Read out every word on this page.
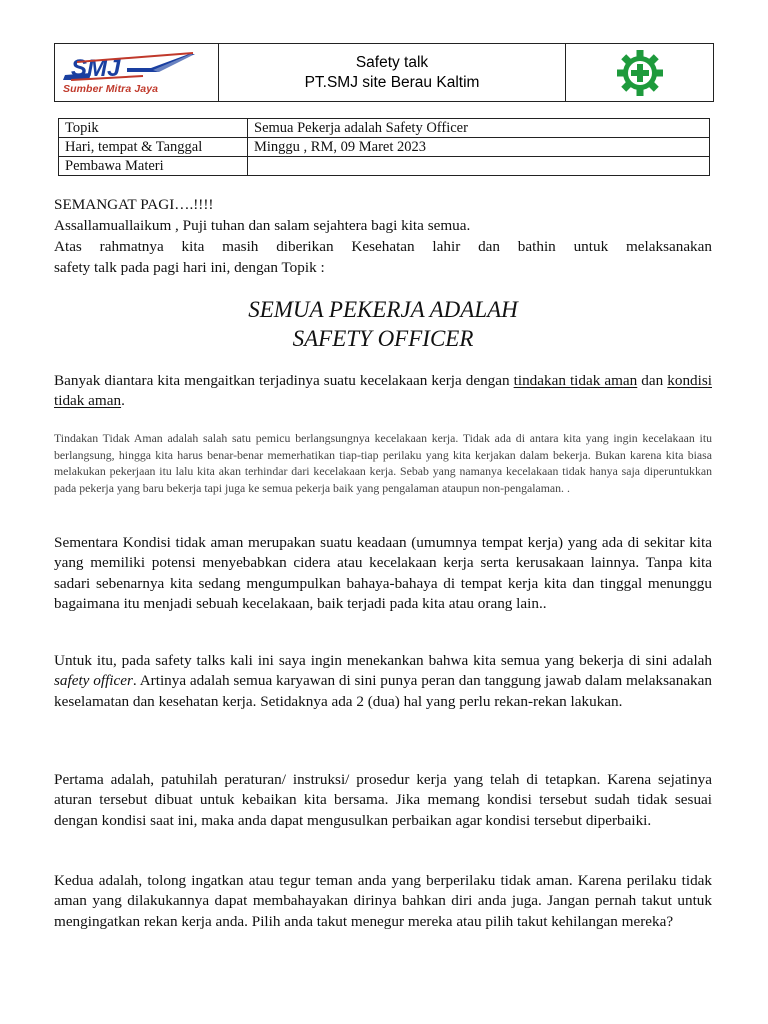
SMJ
Sumber Mitra Jaya
Safety talk
PT.SMJ site Berau Kaltim
Topik	Semua Pekerja adalah Safety Officer
Hari, tempat & Tanggal	Minggu , RM, 09 Maret 2023
Pembawa Materi	
SEMANGAT PAGI….!!!!
Assallamuallaikum , Puji tuhan dan salam sejahtera bagi kita semua.
Atas rahmatnya kita masih diberikan Kesehatan lahir dan bathin untuk melaksanakan
safety talk pada pagi hari ini, dengan Topik :
SEMUA PEKERJA ADALAH
SAFETY OFFICER

Banyak diantara kita mengaitkan terjadinya suatu kecelakaan kerja dengan tindakan tidak aman dan kondisi tidak aman.

Tindakan Tidak Aman adalah salah satu pemicu berlangsungnya kecelakaan kerja. Tidak ada di antara kita yang ingin kecelakaan itu berlangsung, hingga kita harus benar-benar memerhatikan tiap-tiap perilaku yang kita kerjakan dalam bekerja. Bukan karena kita biasa melakukan pekerjaan itu lalu kita akan terhindar dari kecelakaan kerja. Sebab yang namanya kecelakaan tidak hanya saja diperuntukkan pada pekerja yang baru bekerja tapi juga ke semua pekerja baik yang pengalaman ataupun non-pengalaman. .

Sementara Kondisi tidak aman merupakan suatu keadaan (umumnya tempat kerja) yang ada di sekitar kita yang memiliki potensi menyebabkan cidera atau kecelakaan kerja serta kerusakaan lainnya. Tanpa kita sadari sebenarnya kita sedang mengumpulkan bahaya-bahaya di tempat kerja kita dan tinggal menunggu bagaimana itu menjadi sebuah kecelakaan, baik terjadi pada kita atau orang lain..

Untuk itu, pada safety talks kali ini saya ingin menekankan bahwa kita semua yang bekerja di sini adalah safety officer. Artinya adalah semua karyawan di sini punya peran dan tanggung jawab dalam melaksanakan keselamatan dan kesehatan kerja. Setidaknya ada 2 (dua) hal yang perlu rekan-rekan lakukan.

Pertama adalah, patuhilah peraturan/ instruksi/ prosedur kerja yang telah di tetapkan. Karena sejatinya aturan tersebut dibuat untuk kebaikan kita bersama. Jika memang kondisi tersebut sudah tidak sesuai dengan kondisi saat ini, maka anda dapat mengusulkan perbaikan agar kondisi tersebut diperbaiki.

Kedua adalah, tolong ingatkan atau tegur teman anda yang berperilaku tidak aman. Karena perilaku tidak aman yang dilakukannya dapat membahayakan dirinya bahkan diri anda juga. Jangan pernah takut untuk mengingatkan rekan kerja anda. Pilih anda takut menegur mereka atau pilih takut kehilangan mereka?
